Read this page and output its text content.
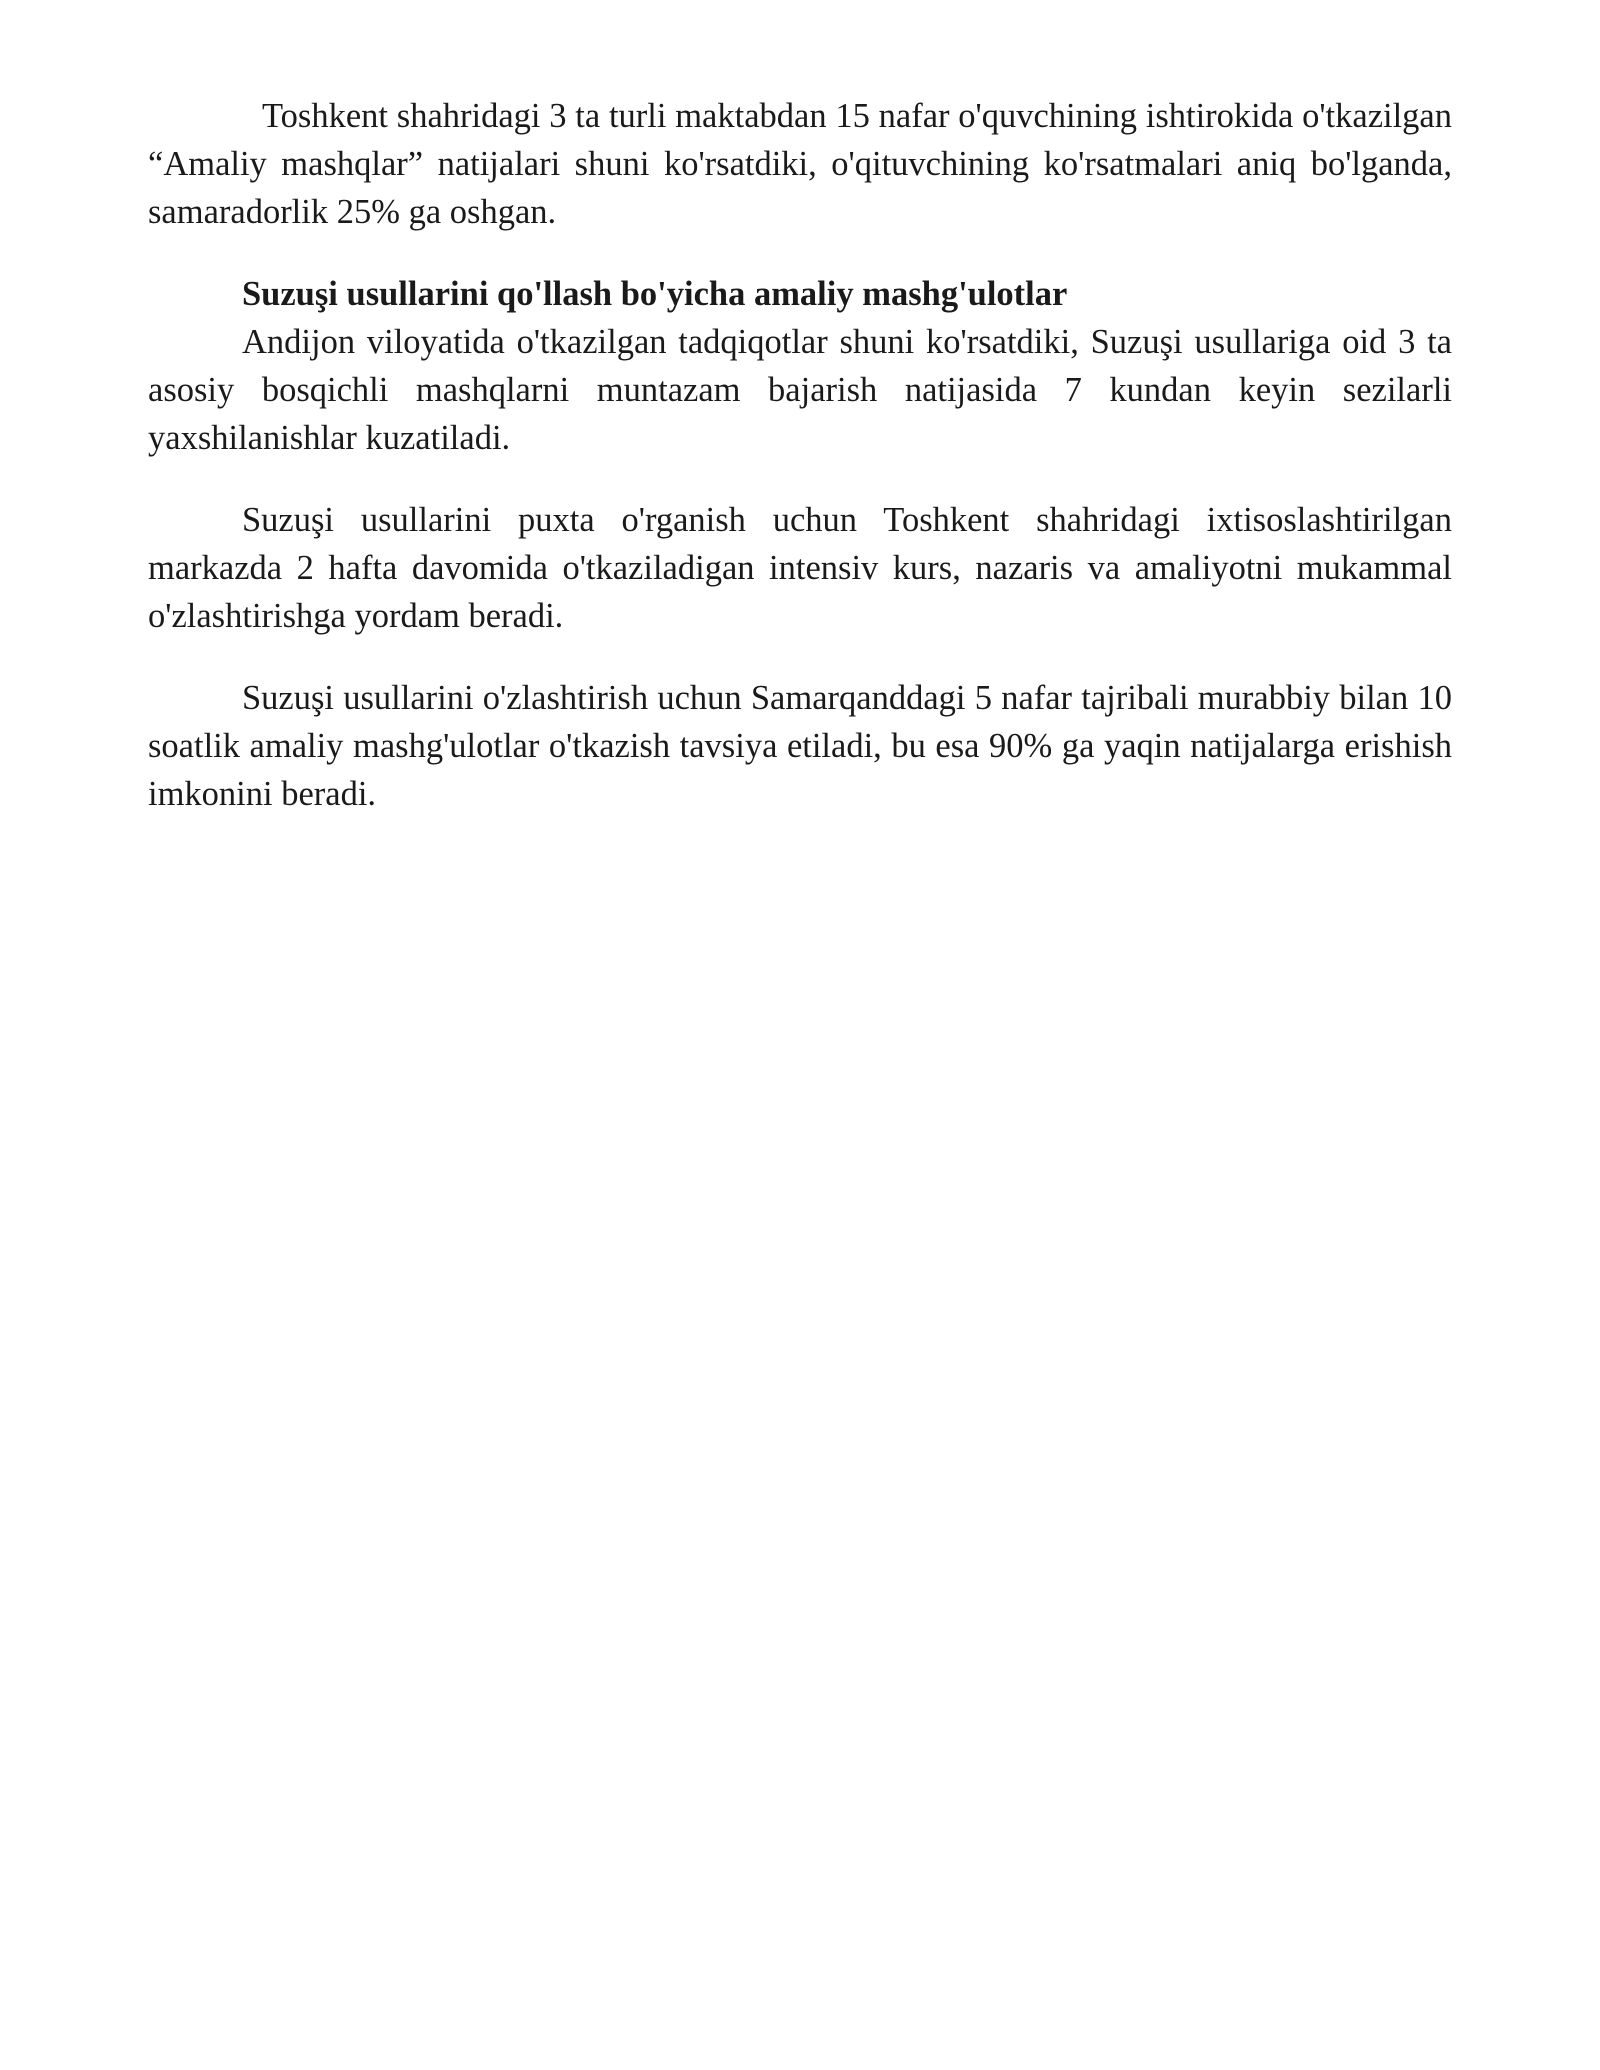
Toshkent shahridagi 3 ta turli maktabdan 15 nafar o'quvchining ishtirokida o'tkazilgan “Amaliy mashqlar” natijalari shuni ko'rsatdiki, o'qituvchining ko'rsatmalari aniq bo'lganda, samaradorlik 25% ga oshgan.

Suzuşi usullarini qo'llash bo'yicha amaliy mashg'ulotlar

Andijon viloyatida o'tkazilgan tadqiqotlar shuni ko'rsatdiki, Suzuşi usullariga oid 3 ta asosiy bosqichli mashqlarni muntazam bajarish natijasida 7 kundan keyin sezilarli yaxshilanishlar kuzatiladi.

Suzuşi usullarini puxta o'rganish uchun Toshkent shahridagi ixtisoslashtirilgan markazda 2 hafta davomida o'tkaziladigan intensiv kurs, nazaris va amaliyotni mukammal o'zlashtirishga yordam beradi.

Suzuşi usullarini o'zlashtirish uchun Samarqanddagi 5 nafar tajribali murabbiy bilan 10 soatlik amaliy mashg'ulotlar o'tkazish tavsiya etiladi, bu esa 90% ga yaqin natijalarga erishish imkonini beradi.
